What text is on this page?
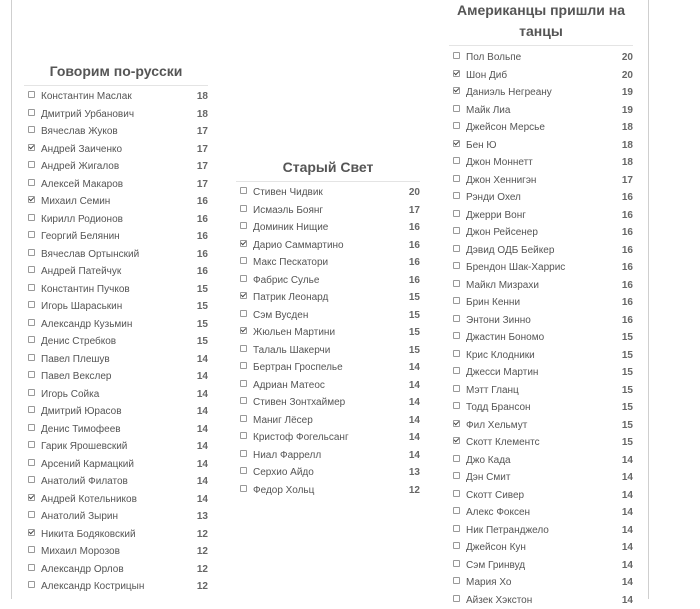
Говорим по-русски
Константин Маслак	18
Дмитрий Урбанович	18
Вячеслав Жуков	17
Андрей Заиченко	17
Андрей Жигалов	17
Алексей Макаров	17
Михаил Семин	16
Кирилл Родионов	16
Георгий Белянин	16
Вячеслав Ортынский	16
Андрей Патейчук	16
Константин Пучков	15
Игорь Шараськин	15
Александр Кузьмин	15
Денис Стребков	15
Павел Плешув	14
Павел Векслер	14
Игорь Сойка	14
Дмитрий Юрасов	14
Денис Тимофеев	14
Гарик Ярошевский	14
Арсений Кармацкий	14
Анатолий Филатов	14
Андрей Котельников	14
Анатолий Зырин	13
Никита Бодяковский	12
Михаил Морозов	12
Александр Орлов	12
Александр Кострицын	12
Старый Свет
Стивен Чидвик	20
Исмаэль Боянг	17
Доминик Нищие	16
Дарио Саммартино	16
Макс Пескатори	16
Фабрис Сулье	16
Патрик Леонард	15
Сэм Вусден	15
Жюльен Мартини	15
Талаль Шакерчи	15
Бертран Гроспелье	14
Адриан Матеос	14
Стивен Зонтхаймер	14
Маниг Лёсер	14
Кристоф Фогельсанг	14
Ниал Фаррелл	14
Серхио Айдо	13
Федор Хольц	12
Американцы пришли на танцы
Пол Вольпе	20
Шон Диб	20
Даниэль Негреану	19
Майк Лиа	19
Джейсон Мерсье	18
Бен Ю	18
Джон Моннетт	18
Джон Хеннигэн	17
Рэнди Охел	16
Джерри Вонг	16
Джон Рейсенер	16
Дэвид ОДБ Бейкер	16
Брендон Шак-Харрис	16
Майкл Мизрахи	16
Брин Кенни	16
Энтони Зинно	16
Джастин Бономо	15
Крис Клодники	15
Джесси Мартин	15
Мэтт Гланц	15
Тодд Брансон	15
Фил Хельмут	15
Скотт Клементс	15
Джо Када	14
Дэн Смит	14
Скотт Сивер	14
Алекс Фоксен	14
Ник Петранджело	14
Джейсон Кун	14
Сэм Гринвуд	14
Мария Хо	14
Айзек Хэкстон	14
